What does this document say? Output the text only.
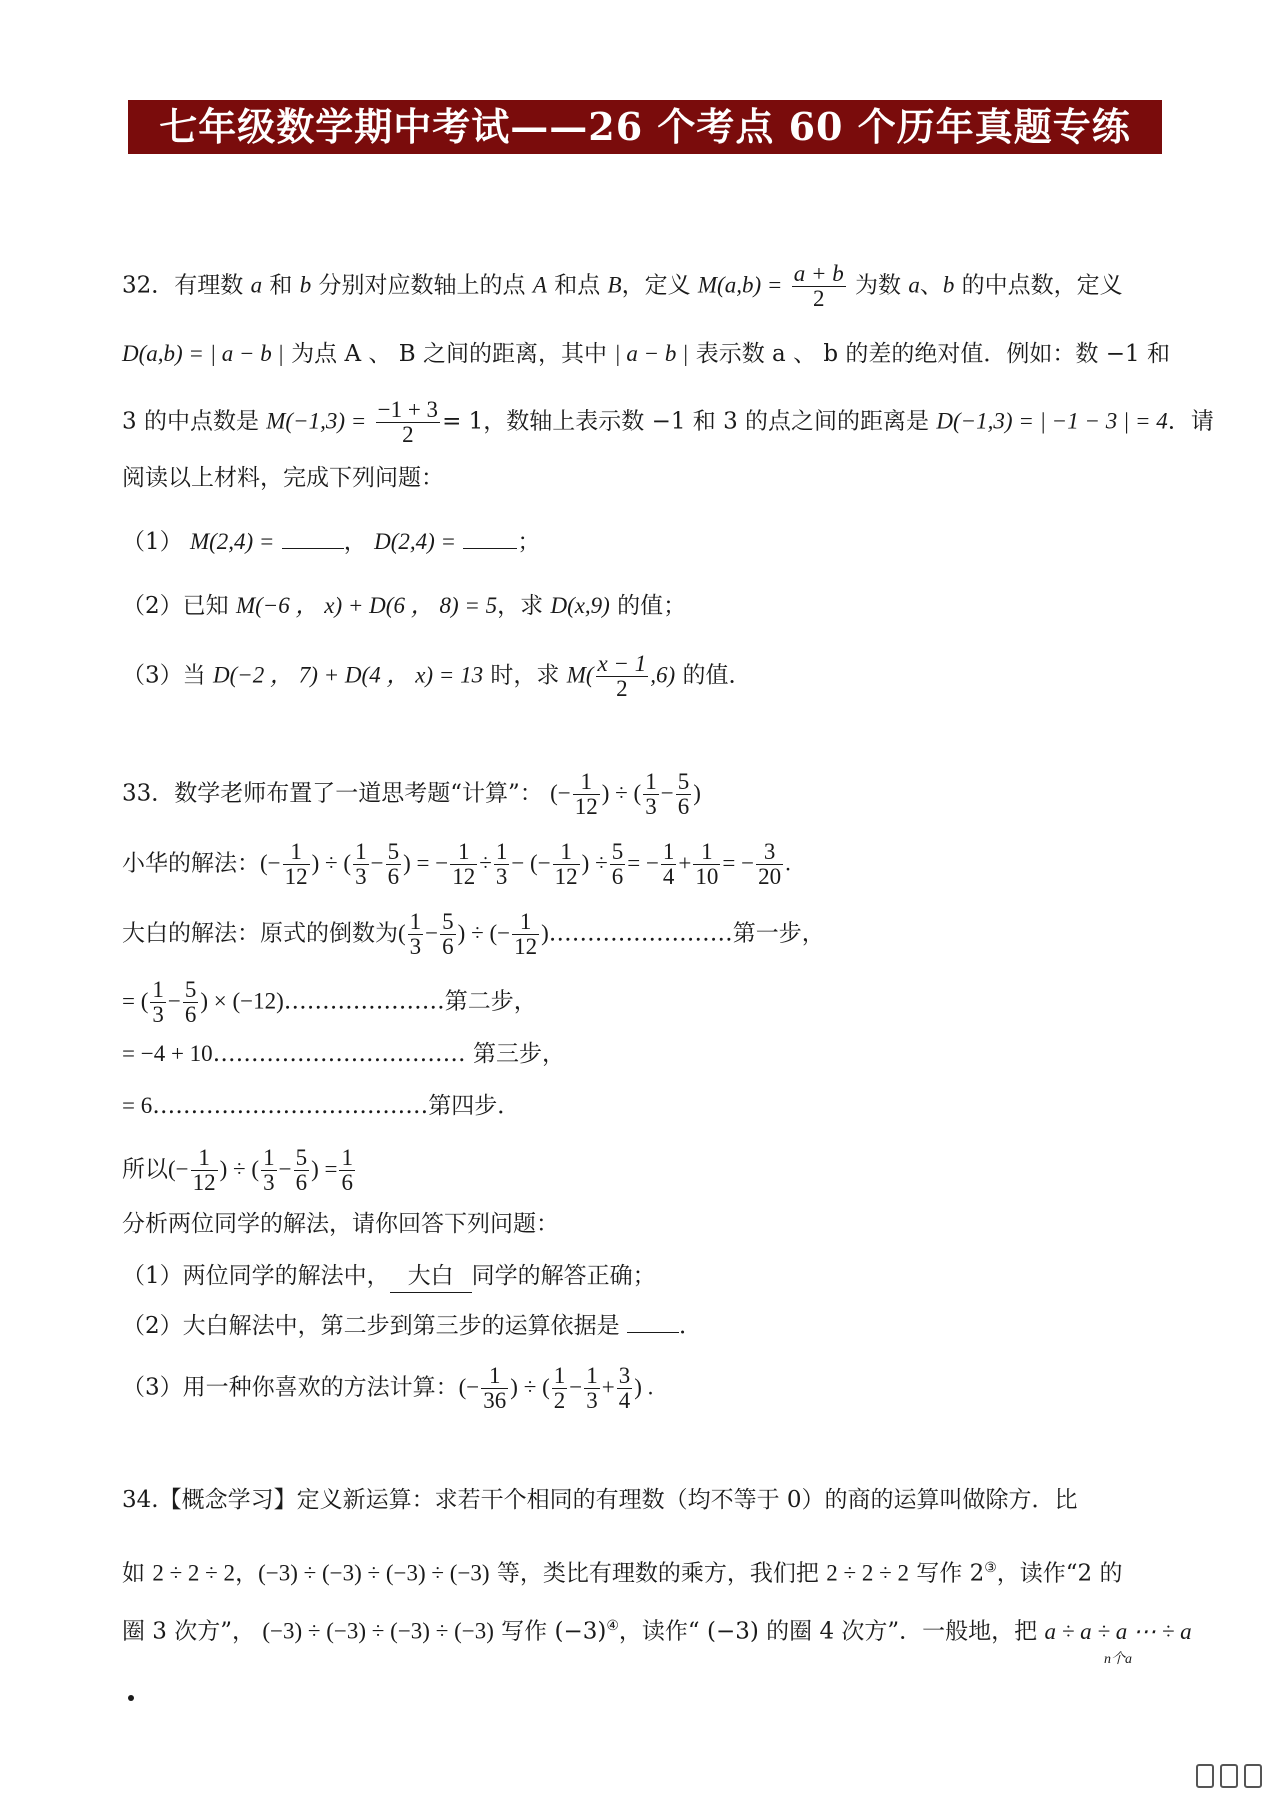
七年级数学期中考试——26 个考点 60 个历年真题专练
32．有理数 a 和 b 分别对应数轴上的点 A 和点 B，定义 $M(a,b) = \frac{a + b}{2}$ 为数 a、b 的中点数，定义
D(a,b) = | a − b | 为点 A 、 B 之间的距离，其中 | a − b | 表示数 a 、 b 的差的绝对值．例如：数 −1 和
3 的中点数是 $M(-1,3) = \frac{-1 + 3}{2} = 1$，数轴上表示数 −1 和 3 的点之间的距离是 D(−1,3) = | −1 − 3 | = 4．请
阅读以上材料，完成下列问题：
（1） M(2,4) =	， D(2,4) =	；
（2）已知 M(−6 ， x) + D(6 ， 8) = 5，求 D(x,9) 的值；
（3）当 D(−2 ， 7) + D(4 ， x) = 13 时，求 $M( \frac{x - 1}{2} ,6)$ 的值．
33．数学老师布置了一道思考题“计算”： (− $\frac{1}{12}$ ) ÷ ( $\frac{1}{3} - \frac{5}{6}$ )
小华的解法：(− $\frac{1}{12}$ ) ÷ ( $\frac{1}{3} - \frac{5}{6}$ ) = − $\frac{1}{12} \div \frac{1}{3}$ − (− $\frac{1}{12}$ ) ÷ $\frac{5}{6}$ = − $\frac{1}{4} + \frac{1}{10}$ = − $\frac{3}{20}$ .
大白的解法：原式的倒数为( $\frac{1}{3} - \frac{5}{6}$ ) ÷ (− $\frac{1}{12}$ )……………………第一步，
= ( $\frac{1}{3} - \frac{5}{6}$ ) × (−12)…………………第二步，
= −4 + 10…………………………… 第三步，
= 6………………………………第四步．
所以(− $\frac{1}{12}$ ) ÷ ( $\frac{1}{3} - \frac{5}{6}$ ) = $\frac{1}{6}$
分析两位同学的解法，请你回答下列问题：
（1）两位同学的解法中， 大白 同学的解答正确；
（2）大白解法中，第二步到第三步的运算依据是 ．
（3）用一种你喜欢的方法计算：(− $\frac{1}{36}$ ) ÷ ( $\frac{1}{2} - \frac{1}{3} + \frac{3}{4}$ ) .
34.【概念学习】定义新运算：求若干个相同的有理数（均不等于 0）的商的运算叫做除方．比
如 2 ÷ 2 ÷ 2，(−3) ÷ (−3) ÷ (−3) ÷ (−3) 等，类比有理数的乘方，我们把 2 ÷ 2 ÷ 2 写作 2③，读作“2 的
圈 3 次方”， (−3) ÷ (−3) ÷ (−3) ÷ (−3) 写作 (−3)④，读作“ (−3) 的圈 4 次方”．一般地，把 a ÷ a ÷ a ⋯ ÷ a
n个a
